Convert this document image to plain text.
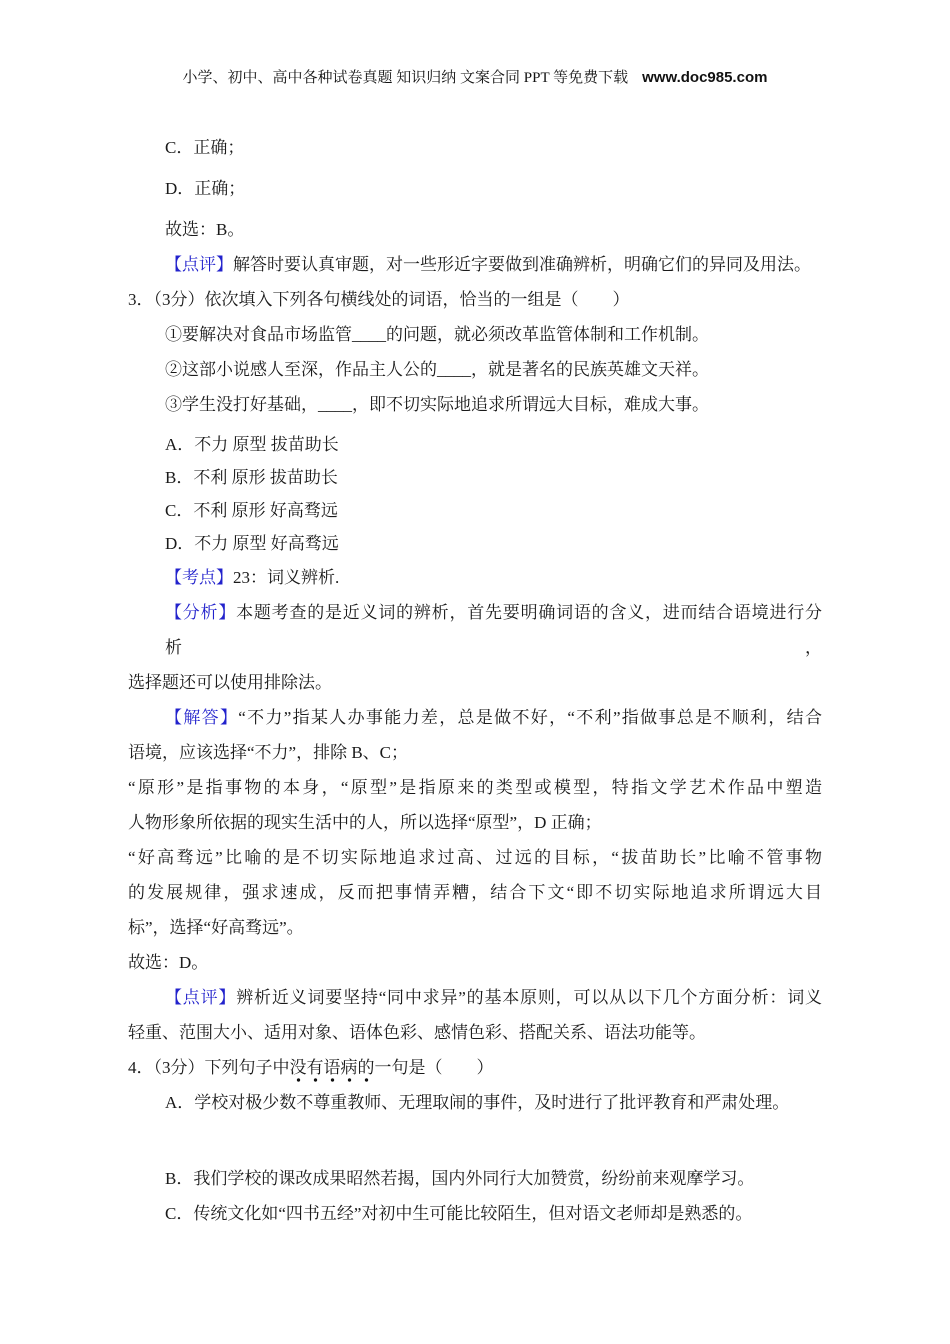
小学、初中、高中各种试卷真题 知识归纳 文案合同 PPT 等免费下载 www.doc985.com
C．正确；
D．正确；
故选：B。
【点评】解答时要认真审题，对一些形近字要做到准确辨析，明确它们的异同及用法。
3．（3分）依次填入下列各句横线处的词语，恰当的一组是（　　）
①要解决对食品市场监管____的问题，就必须改革监管体制和工作机制。
②这部小说感人至深，作品主人公的____，就是著名的民族英雄文天祥。
③学生没打好基础，____，即不切实际地追求所谓远大目标，难成大事。
A．不力 原型 拔苗助长
B．不利 原形 拔苗助长
C．不利 原形 好高骛远
D．不力 原型 好高骛远
【考点】23：词义辨析.
【分析】本题考查的是近义词的辨析，首先要明确词语的含义，进而结合语境进行分析，
选择题还可以使用排除法。
【解答】“不力”指某人办事能力差，总是做不好，“不利”指做事总是不顺利，结合
语境，应该选择“不力”，排除 B、C；
“原形”是指事物的本身，“原型”是指原来的类型或模型，特指文学艺术作品中塑造
人物形象所依据的现实生活中的人，所以选择“原型”，D 正确；
“好高骛远”比喻的是不切实际地追求过高、过远的目标，“拔苗助长”比喻不管事物
的发展规律，强求速成，反而把事情弄糟，结合下文“即不切实际地追求所谓远大目
标”，选择“好高骛远”。
故选：D。
【点评】辨析近义词要坚持“同中求异”的基本原则，可以从以下几个方面分析：词义
轻重、范围大小、适用对象、语体色彩、感情色彩、搭配关系、语法功能等。
4．（3分）下列句子中没有语病的一句是（　　）
A．学校对极少数不尊重教师、无理取闹的事件，及时进行了批评教育和严肃处理。
B．我们学校的课改成果昭然若揭，国内外同行大加赞赏，纷纷前来观摩学习。
C．传统文化如“四书五经”对初中生可能比较陌生，但对语文老师却是熟悉的。
